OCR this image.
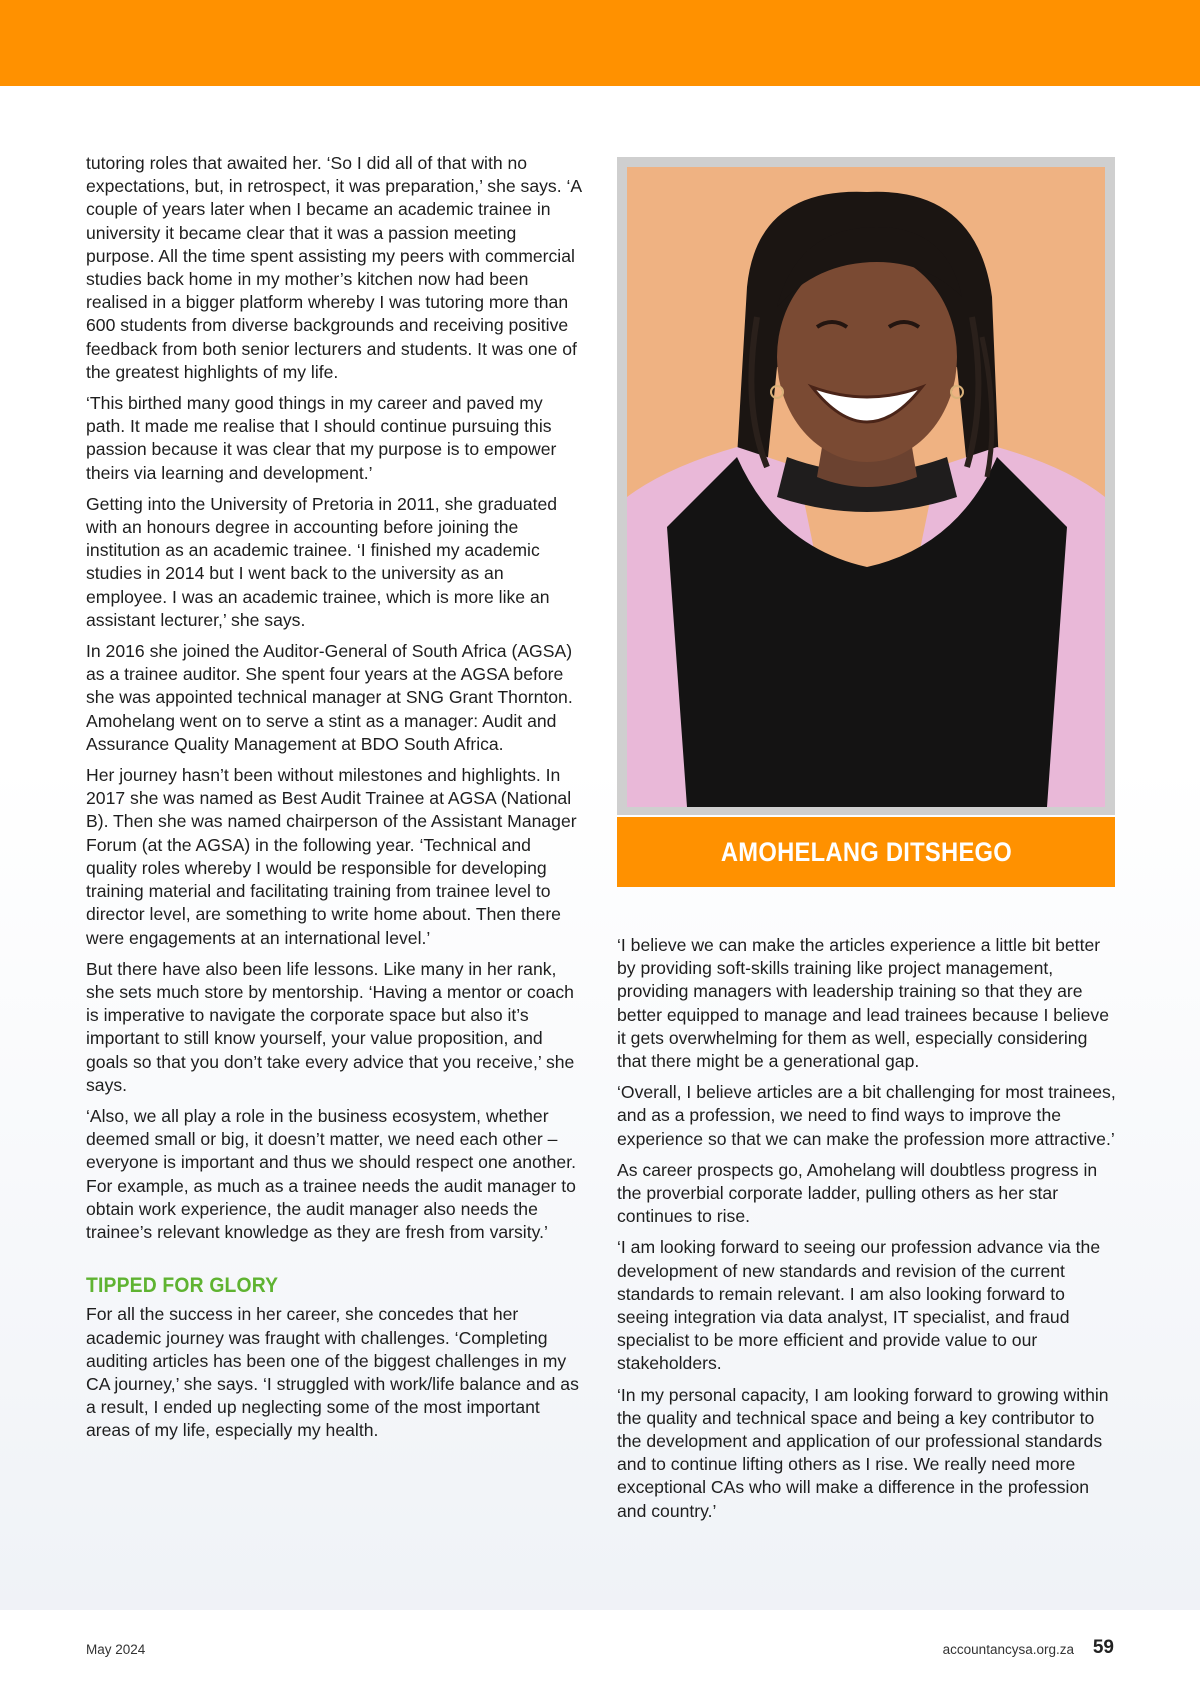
tutoring roles that awaited her. ‘So I did all of that with no expectations, but, in retrospect, it was preparation,’ she says. ‘A couple of years later when I became an academic trainee in university it became clear that it was a passion meeting purpose. All the time spent assisting my peers with commercial studies back home in my mother’s kitchen now had been realised in a bigger platform whereby I was tutoring more than 600 students from diverse backgrounds and receiving positive feedback from both senior lecturers and students. It was one of the greatest highlights of my life.

‘This birthed many good things in my career and paved my path. It made me realise that I should continue pursuing this passion because it was clear that my purpose is to empower theirs via learning and development.’

Getting into the University of Pretoria in 2011, she graduated with an honours degree in accounting before joining the institution as an academic trainee. ‘I finished my academic studies in 2014 but I went back to the university as an employee. I was an academic trainee, which is more like an assistant lecturer,’ she says.

In 2016 she joined the Auditor-General of South Africa (AGSA) as a trainee auditor. She spent four years at the AGSA before she was appointed technical manager at SNG Grant Thornton. Amohelang went on to serve a stint as a manager: Audit and Assurance Quality Management at BDO South Africa.

Her journey hasn’t been without milestones and highlights. In 2017 she was named as Best Audit Trainee at AGSA (National B). Then she was named chairperson of the Assistant Manager Forum (at the AGSA) in the following year. ‘Technical and quality roles whereby I would be responsible for developing training material and facilitating training from trainee level to director level, are something to write home about. Then there were engagements at an international level.’

But there have also been life lessons. Like many in her rank, she sets much store by mentorship. ‘Having a mentor or coach is imperative to navigate the corporate space but also it’s important to still know yourself, your value proposition, and goals so that you don’t take every advice that you receive,’ she says.

‘Also, we all play a role in the business ecosystem, whether deemed small or big, it doesn’t matter, we need each other – everyone is important and thus we should respect one another. For example, as much as a trainee needs the audit manager to obtain work experience, the audit manager also needs the trainee’s relevant knowledge as they are fresh from varsity.’

TIPPED FOR GLORY

For all the success in her career, she concedes that her academic journey was fraught with challenges. ‘Completing auditing articles has been one of the biggest challenges in my CA journey,’ she says. ‘I struggled with work/life balance and as a result, I ended up neglecting some of the most important areas of my life, especially my health.

AMOHELANG DITSHEGO

‘I believe we can make the articles experience a little bit better by providing soft-skills training like project management, providing managers with leadership training so that they are better equipped to manage and lead trainees because I believe it gets overwhelming for them as well, especially considering that there might be a generational gap.

‘Overall, I believe articles are a bit challenging for most trainees, and as a profession, we need to find ways to improve the experience so that we can make the profession more attractive.’

As career prospects go, Amohelang will doubtless progress in the proverbial corporate ladder, pulling others as her star continues to rise.

‘I am looking forward to seeing our profession advance via the development of new standards and revision of the current standards to remain relevant. I am also looking forward to seeing integration via data analyst, IT specialist, and fraud specialist to be more efficient and provide value to our stakeholders.

‘In my personal capacity, I am looking forward to growing within the quality and technical space and being a key contributor to the development and application of our professional standards and to continue lifting others as I rise. We really need more exceptional CAs who will make a difference in the profession and country.’

May 2024	accountancysa.org.za 59
